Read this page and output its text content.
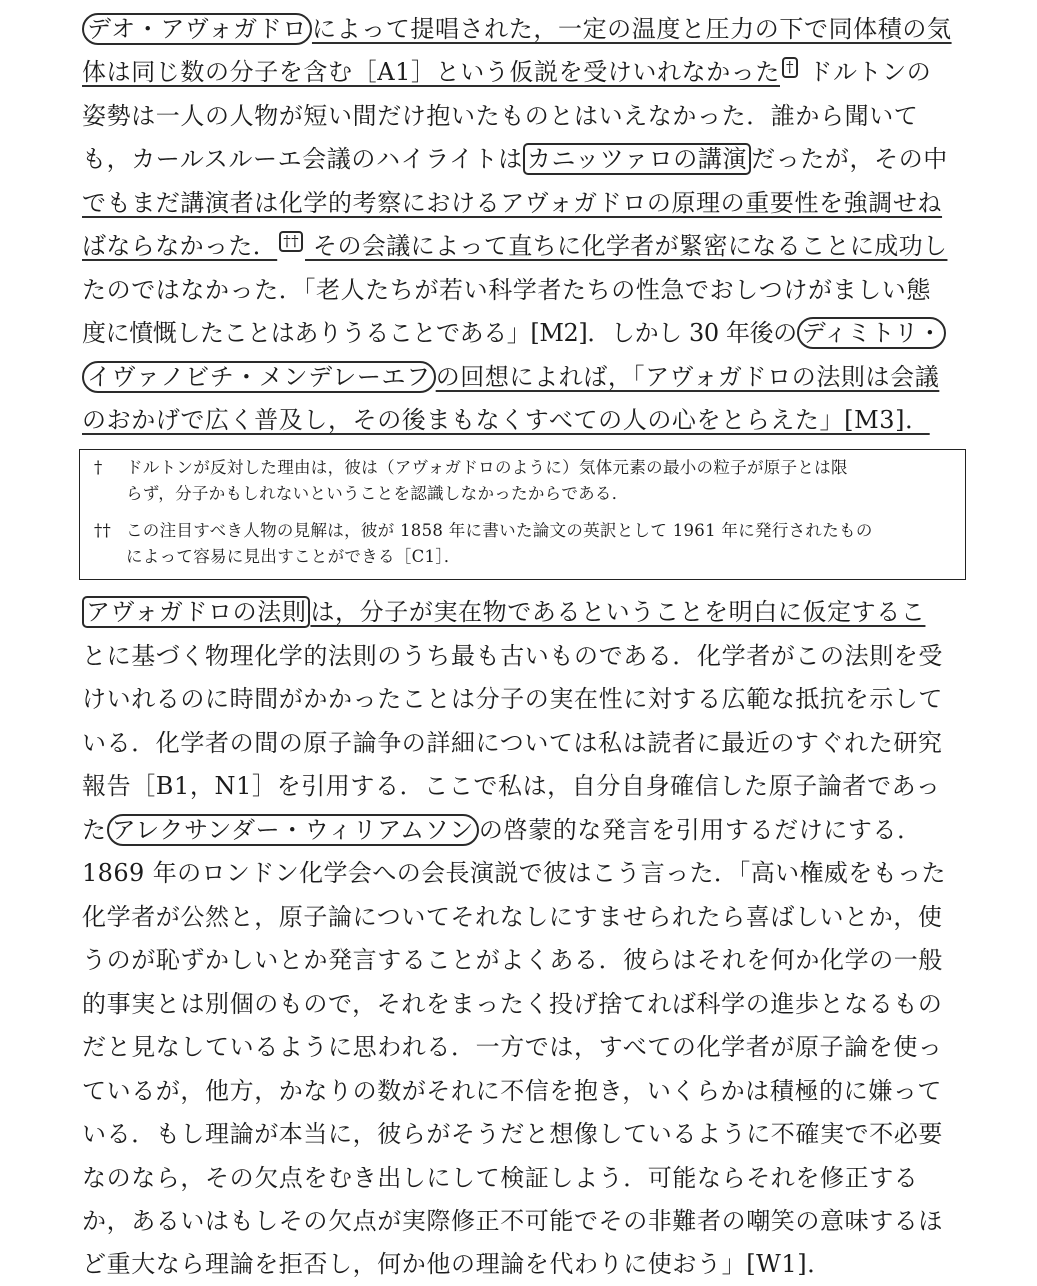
デオ・アヴォガドロ によって提唱された，一定の温度と圧力の下で同体積の気
体は同じ数の分子を含む［A1］という仮説を受けいれなかった † ドルトンの
姿勢は一人の人物が短い間だけ抱いたものとはいえなかった．誰から聞いて
も，カールスルーエ会議のハイライトは カニッツァロの講演 だったが，その中
でもまだ講演者は化学的考察におけるアヴォガドロの原理の重要性を強調せね
ばならなかった． †† その会議によって直ちに化学者が緊密になることに成功し
たのではなかった．「老人たちが若い科学者たちの性急でおしつけがましい態
度に憤慨したことはありうることである」[M2]．しかし 30 年後の ディミトリ・
イヴァノビチ・メンデレーエフ の回想によれば，「アヴォガドロの法則は会議
のおかげで広く普及し，その後まもなくすべての人の心をとらえた」[M3]．
† ドルトンが反対した理由は，彼は（アヴォガドロのように）気体元素の最小の粒子が原子とは限
らず，分子かもしれないということを認識しなかったからである．
†† この注目すべき人物の見解は，彼が 1858 年に書いた論文の英訳として 1961 年に発行されたもの
によって容易に見出すことができる［C1］．
アヴォガドロの法則 は，分子が実在物であるということを明白に仮定するこ
とに基づく物理化学的法則のうち最も古いものである．化学者がこの法則を受
けいれるのに時間がかかったことは分子の実在性に対する広範な抵抗を示して
いる．化学者の間の原子論争の詳細については私は読者に最近のすぐれた研究
報告［B1，N1］を引用する．ここで私は，自分自身確信した原子論者であっ
た アレクサンダー・ウィリアムソン の啓蒙的な発言を引用するだけにする．
1869 年のロンドン化学会への会長演説で彼はこう言った．「高い権威をもった
化学者が公然と，原子論についてそれなしにすませられたら喜ばしいとか，使
うのが恥ずかしいとか発言することがよくある．彼らはそれを何か化学の一般
的事実とは別個のもので，それをまったく投げ捨てれば科学の進歩となるもの
だと見なしているように思われる．一方では，すべての化学者が原子論を使っ
ているが，他方，かなりの数がそれに不信を抱き，いくらかは積極的に嫌って
いる．もし理論が本当に，彼らがそうだと想像しているように不確実で不必要
なのなら，その欠点をむき出しにして検証しよう．可能ならそれを修正する
か，あるいはもしその欠点が実際修正不可能でその非難者の嘲笑の意味するほ
ど重大なら理論を拒否し，何か他の理論を代わりに使おう」[W1]．
